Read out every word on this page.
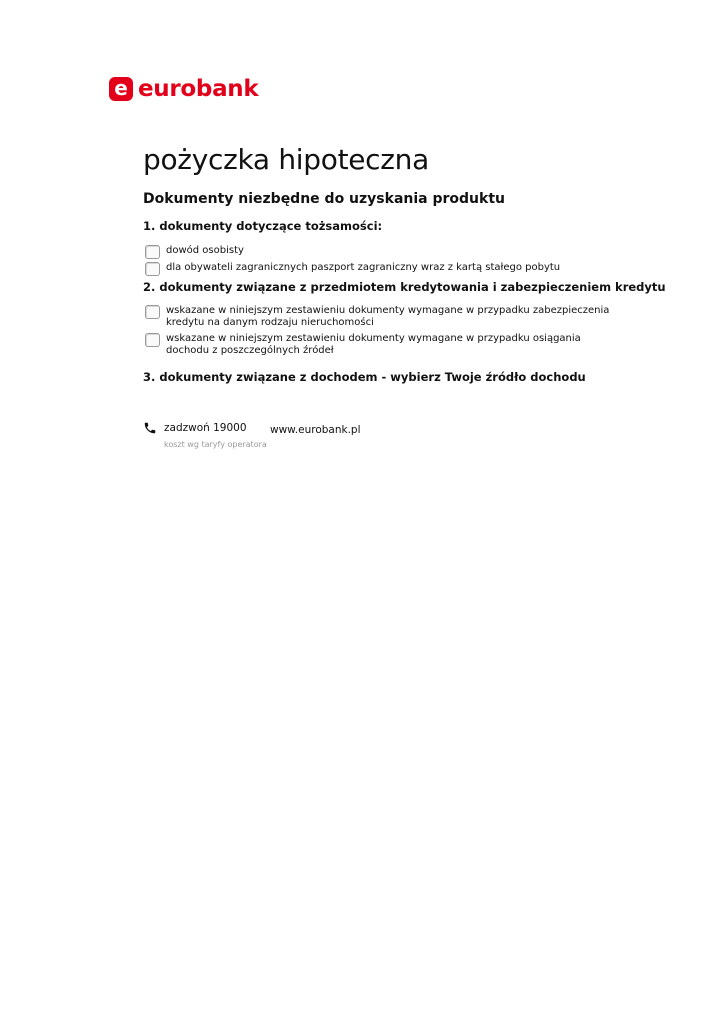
e eurobank
pożyczka hipoteczna
Dokumenty niezbędne do uzyskania produktu
1. dokumenty dotyczące tożsamości:
dowód osobisty
dla obywateli zagranicznych paszport zagraniczny wraz z kartą stałego pobytu
2. dokumenty związane z przedmiotem kredytowania i zabezpieczeniem kredytu
wskazane w niniejszym zestawieniu dokumenty wymagane w przypadku zabezpieczenia kredytu na danym rodzaju nieruchomości
wskazane w niniejszym zestawieniu dokumenty wymagane w przypadku osiągania dochodu z poszczególnych źródeł
3. dokumenty związane z dochodem - wybierz Twoje źródło dochodu
zadzwoń 19000 www.eurobank.pl
koszt wg taryfy operatora
